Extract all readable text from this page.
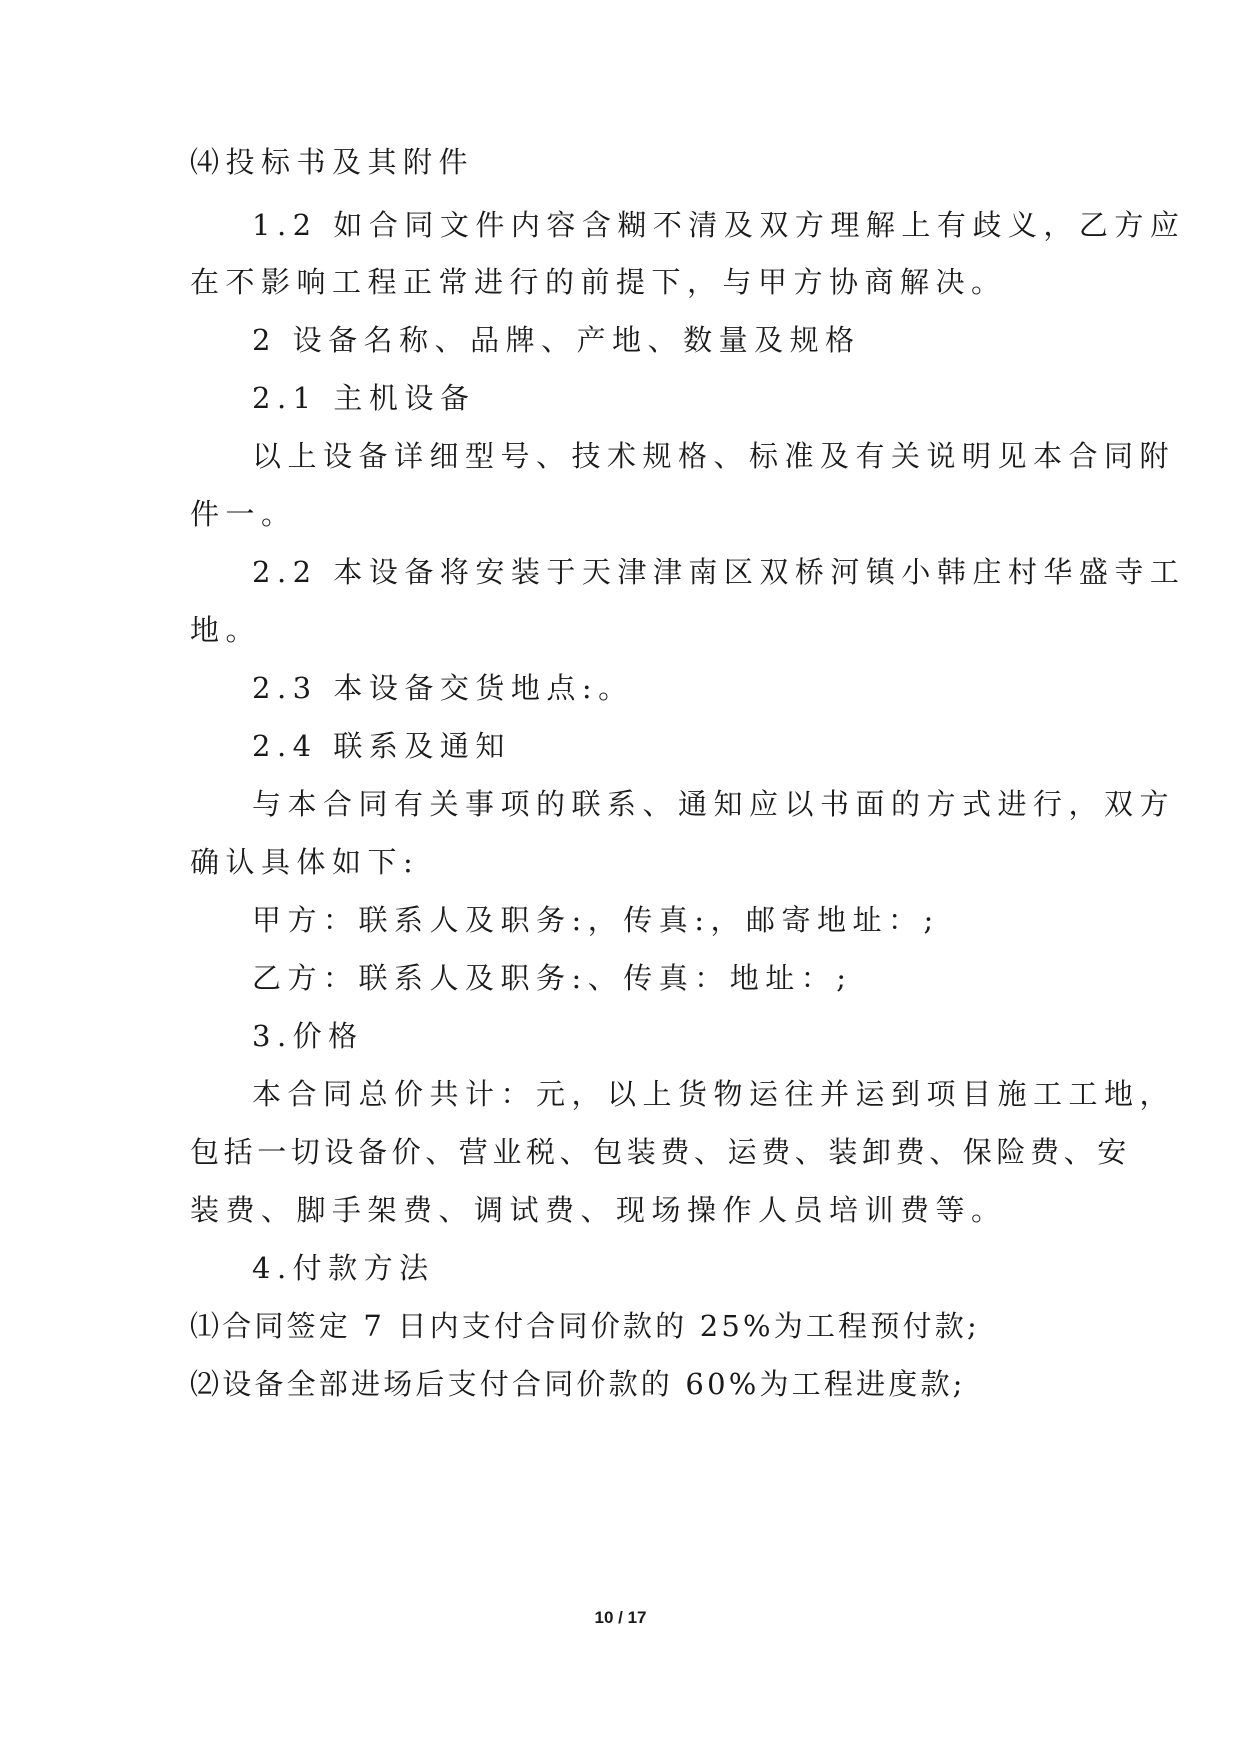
⑷投标书及其附件
1.2 如合同文件内容含糊不清及双方理解上有歧义，乙方应
在不影响工程正常进行的前提下，与甲方协商解决。
2 设备名称、品牌、产地、数量及规格
2.1 主机设备
以上设备详细型号、技术规格、标准及有关说明见本合同附
件一。
2.2 本设备将安装于天津津南区双桥河镇小韩庄村华盛寺工
地。
2.3 本设备交货地点:。
2.4 联系及通知
与本合同有关事项的联系、通知应以书面的方式进行，双方
确认具体如下:
甲方：联系人及职务:，传真:，邮寄地址：;
乙方：联系人及职务:、传真：地址：;
3.价格
本合同总价共计：元，以上货物运往并运到项目施工工地，
包括一切设备价、营业税、包装费、运费、装卸费、保险费、安
装费、脚手架费、调试费、现场操作人员培训费等。
4.付款方法
⑴合同签定 7 日内支付合同价款的 25%为工程预付款;
⑵设备全部进场后支付合同价款的 60%为工程进度款;
10 / 17
